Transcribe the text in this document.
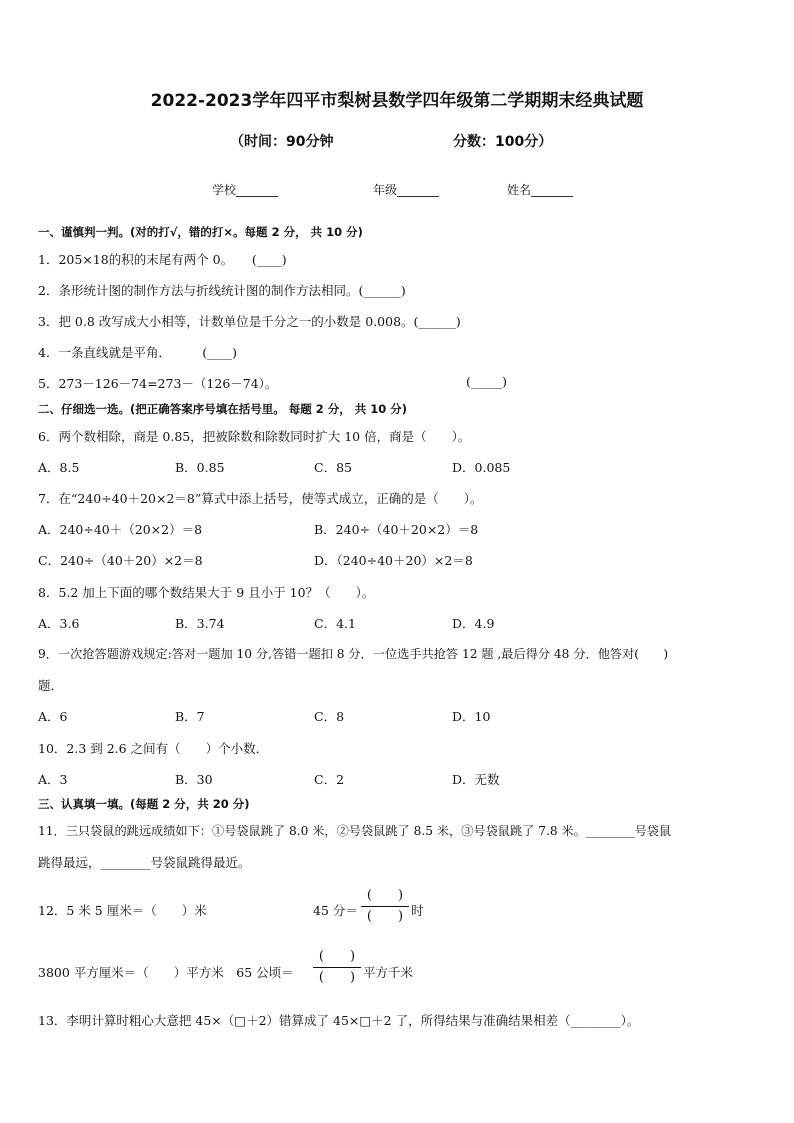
2022-2023学年四平市梨树县数学四年级第二学期期末经典试题
（时间：90分钟	分数：100分）
学校_______	年级_______	姓名_______
一、谨慎判一判。(对的打√，错的打×。每题 2 分， 共 10 分)
1．205×18的积的末尾有两个 0。　　(____)
2．条形统计图的制作方法与折线统计图的制作方法相同。(______)
3．把 0.8 改写成大小相等，计数单位是千分之一的小数是 0.008。(______)
4．一条直线就是平角．　　　(____)
5．273－126－74=273－（126－74）。	(_____)
二、仔细选一选。(把正确答案序号填在括号里。 每题 2 分， 共 10 分)
6．两个数相除，商是 0.85，把被除数和除数同时扩大 10 倍，商是（　　）。
A．8.5	B．0.85	C．85	D．0.085
7．在“240÷40＋20×2＝8”算式中添上括号，使等式成立，正确的是（　　）。
A．240÷40＋（20×2）＝8	B．240÷（40＋20×2）＝8
C．240÷（40＋20）×2＝8	D．（240÷40＋20）×2＝8
8．5.2 加上下面的哪个数结果大于 9 且小于 10？（　　）。
A．3.6	B．3.74	C．4.1	D．4.9
9．一次抢答题游戏规定:答对一题加 10 分,答错一题扣 8 分．一位选手共抢答 12 题 ,最后得分 48 分．他答对(　　)
题．
A．6	B．7	C．8	D．10
10．2.3 到 2.6 之间有（　　）个小数．
A．3	B．30	C．2	D．无数
三、认真填一填。(每题 2 分，共 20 分)
11．三只袋鼠的跳远成绩如下：①号袋鼠跳了 8.0 米，②号袋鼠跳了 8.5 米，③号袋鼠跳了 7.8 米。________号袋鼠
跳得最远，________号袋鼠跳得最近。
12．5 米 5 厘米＝（　　）米	45 分＝
(　　)
(　　) 时
3800 平方厘米＝（　　）平方米　65 公顷＝
(　　)
(　　) 平方千米
13．李明计算时粗心大意把 45×（□＋2）错算成了 45×□＋2 了，所得结果与准确结果相差（________）。
